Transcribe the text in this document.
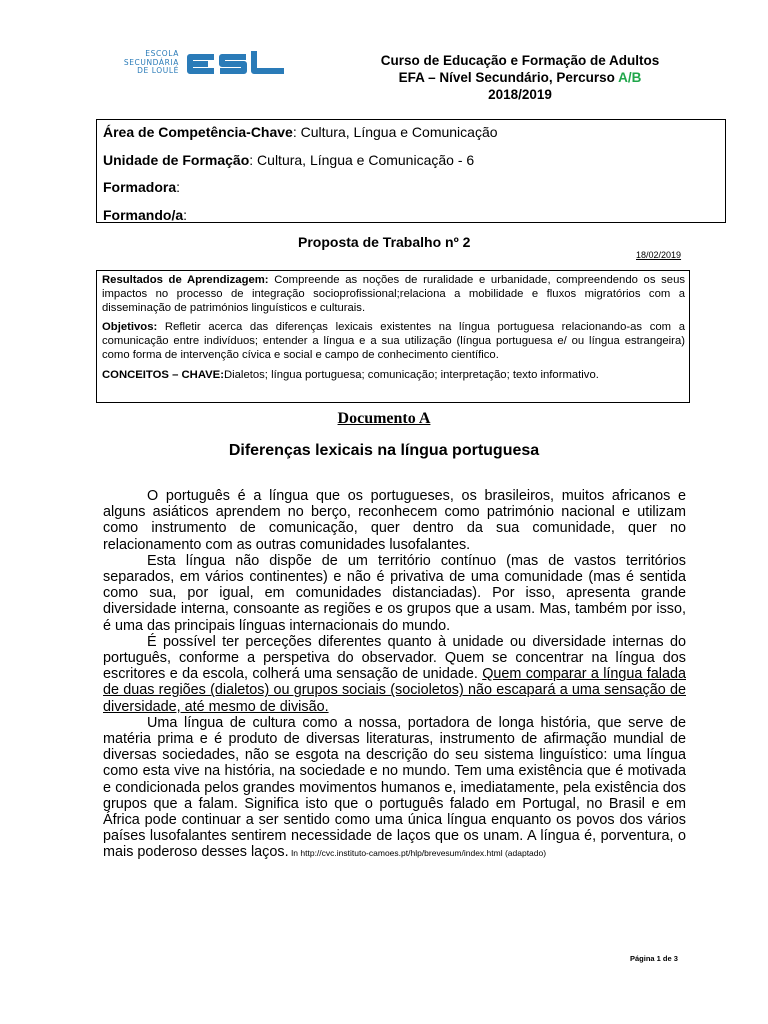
ESCOLA
SECUNDÁRIA
DE LOULÉ
Curso de Educação e Formação de Adultos
EFA – Nível Secundário, Percurso A/B
2018/2019
Área de Competência-Chave: Cultura, Língua e Comunicação
Unidade de Formação: Cultura, Língua e Comunicação - 6
Formadora:
Formando/a:
Proposta de Trabalho nº 2
18/02/2019

Resultados de Aprendizagem: Compreende as noções de ruralidade e urbanidade, compreendendo os seus impactos no processo de integração socioprofissional;relaciona a mobilidade e fluxos migratórios com a disseminação de patrimónios linguísticos e culturais.

Objetivos: Refletir acerca das diferenças lexicais existentes na língua portuguesa relacionando-as com a comunicação entre indivíduos; entender a língua e a sua utilização (língua portuguesa e/ ou língua estrangeira) como forma de intervenção cívica e social e campo de conhecimento científico.

CONCEITOS – CHAVE:Dialetos; língua portuguesa; comunicação; interpretação; texto informativo.

Documento A
Diferenças lexicais na língua portuguesa

O português é a língua que os portugueses, os brasileiros, muitos africanos e alguns asiáticos aprendem no berço, reconhecem como património nacional e utilizam como instrumento de comunicação, quer dentro da sua comunidade, quer no relacionamento com as outras comunidades lusofalantes.

Esta língua não dispõe de um território contínuo (mas de vastos territórios separados, em vários continentes) e não é privativa de uma comunidade (mas é sentida como sua, por igual, em comunidades distanciadas). Por isso, apresenta grande diversidade interna, consoante as regiões e os grupos que a usam. Mas, também por isso, é uma das principais línguas internacionais do mundo.

É possível ter perceções diferentes quanto à unidade ou diversidade internas do português, conforme a perspetiva do observador. Quem se concentrar na língua dos escritores e da escola, colherá uma sensação de unidade. Quem comparar a língua falada de duas regiões (dialetos) ou grupos sociais (socioletos) não escapará a uma sensação de diversidade, até mesmo de divisão.

Uma língua de cultura como a nossa, portadora de longa história, que serve de matéria prima e é produto de diversas literaturas, instrumento de afirmação mundial de diversas sociedades, não se esgota na descrição do seu sistema linguístico: uma língua como esta vive na história, na sociedade e no mundo. Tem uma existência que é motivada e condicionada pelos grandes movimentos humanos e, imediatamente, pela existência dos grupos que a falam. Significa isto que o português falado em Portugal, no Brasil e em África pode continuar a ser sentido como uma única língua enquanto os povos dos vários países lusofalantes sentirem necessidade de laços que os unam. A língua é, porventura, o mais poderoso desses laços. In http://cvc.instituto-camoes.pt/hlp/brevesum/index.html (adaptado)

Página 1 de 3
